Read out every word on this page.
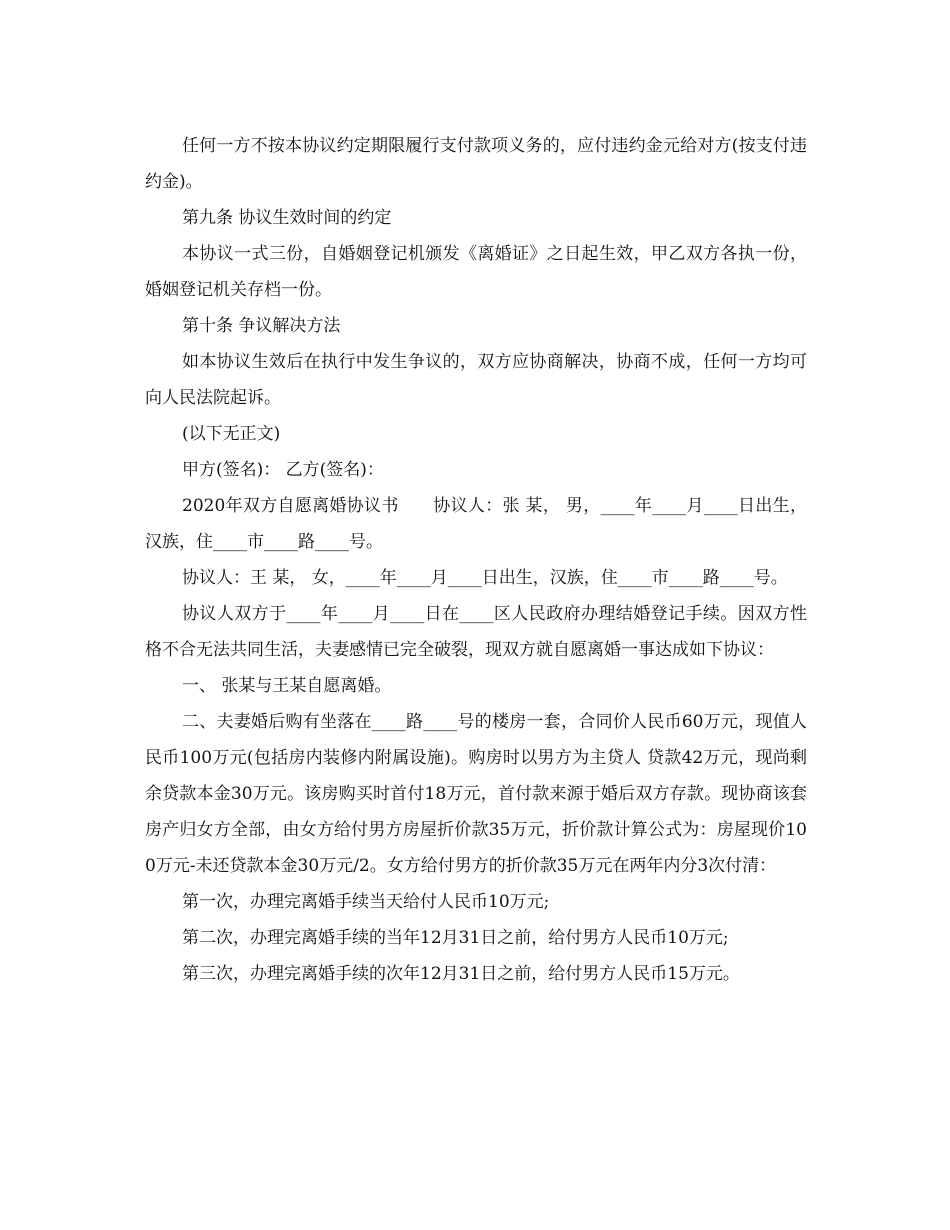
任何一方不按本协议约定期限履行支付款项义务的，应付违约金元给对方(按支付违约金)。

第九条 协议生效时间的约定

本协议一式三份，自婚姻登记机颁发《离婚证》之日起生效，甲乙双方各执一份，婚姻登记机关存档一份。

第十条 争议解决方法

如本协议生效后在执行中发生争议的，双方应协商解决，协商不成，任何一方均可向人民法院起诉。

(以下无正文)

甲方(签名)： 乙方(签名)：

2020年双方自愿离婚协议书　　协议人：张 某， 男，____年____月____日出生，汉族，住____市____路____号。

协议人：王 某， 女，____年____月____日出生，汉族，住____市____路____号。

协议人双方于____年____月____日在____区人民政府办理结婚登记手续。因双方性格不合无法共同生活，夫妻感情已完全破裂，现双方就自愿离婚一事达成如下协议：

一、 张某与王某自愿离婚。

二、夫妻婚后购有坐落在____路____号的楼房一套，合同价人民币60万元，现值人民币100万元(包括房内装修内附属设施)。购房时以男方为主贷人 贷款42万元，现尚剩余贷款本金30万元。该房购买时首付18万元，首付款来源于婚后双方存款。现协商该套房产归女方全部，由女方给付男方房屋折价款35万元，折价款计算公式为：房屋现价100万元-未还贷款本金30万元/2。女方给付男方的折价款35万元在两年内分3次付清：

第一次，办理完离婚手续当天给付人民币10万元;

第二次，办理完离婚手续的当年12月31日之前，给付男方人民币10万元;

第三次，办理完离婚手续的次年12月31日之前，给付男方人民币15万元。
